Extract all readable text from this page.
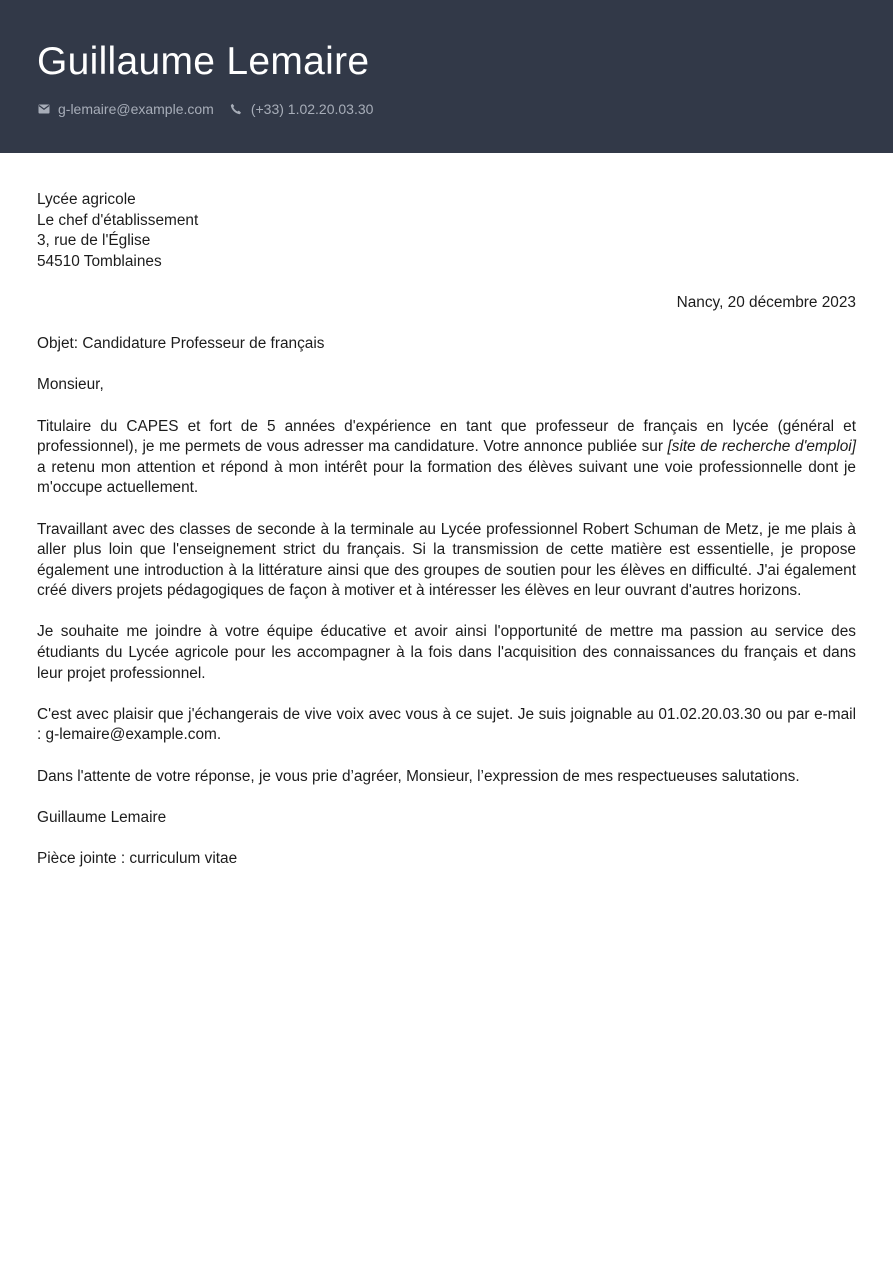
Guillaume Lemaire
g-lemaire@example.com	(+33) 1.02.20.03.30
Lycée agricole
Le chef d'établissement
3, rue de l'Église
54510 Tomblaines
Nancy, 20 décembre 2023
Objet: Candidature Professeur de français
Monsieur,

Titulaire du CAPES et fort de 5 années d'expérience en tant que professeur de français en lycée (général et professionnel), je me permets de vous adresser ma candidature. Votre annonce publiée sur [site de recherche d'emploi] a retenu mon attention et répond à mon intérêt pour la formation des élèves suivant une voie professionnelle dont je m'occupe actuellement.

Travaillant avec des classes de seconde à la terminale au Lycée professionnel Robert Schuman de Metz, je me plais à aller plus loin que l'enseignement strict du français. Si la transmission de cette matière est essentielle, je propose également une introduction à la littérature ainsi que des groupes de soutien pour les élèves en difficulté. J'ai également créé divers projets pédagogiques de façon à motiver et à intéresser les élèves en leur ouvrant d'autres horizons.

Je souhaite me joindre à votre équipe éducative et avoir ainsi l'opportunité de mettre ma passion au service des étudiants du Lycée agricole pour les accompagner à la fois dans l'acquisition des connaissances du français et dans leur projet professionnel.

C'est avec plaisir que j'échangerais de vive voix avec vous à ce sujet. Je suis joignable au 01.02.20.03.30 ou par e-mail : g-lemaire@example.com.

Dans l'attente de votre réponse, je vous prie d’agréer, Monsieur, l’expression de mes respectueuses salutations.

Guillaume Lemaire
Pièce jointe : curriculum vitae
